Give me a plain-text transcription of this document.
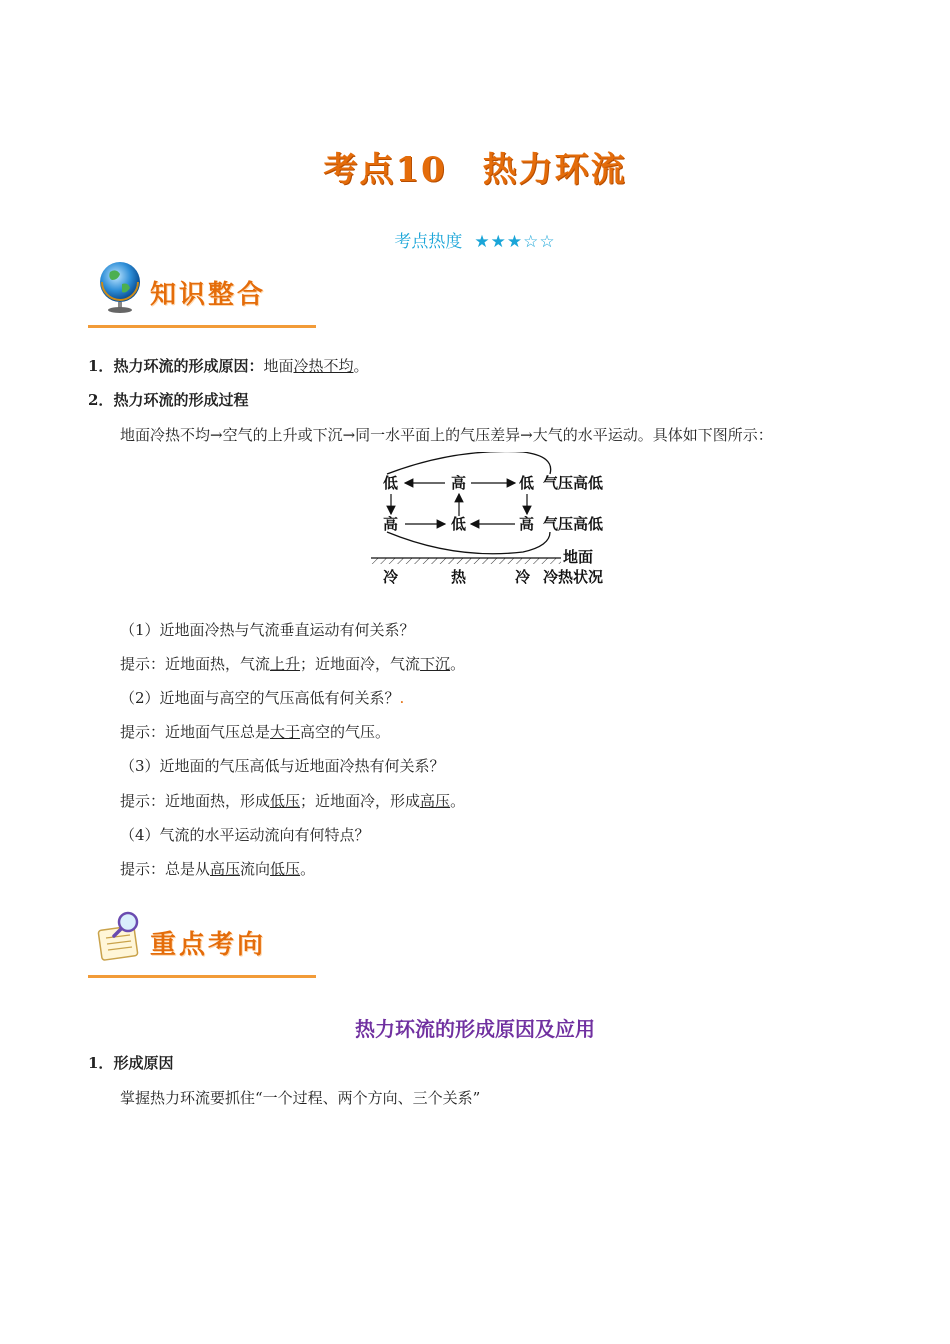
考点10　热力环流
考点热度 ★★★☆☆
知识整合
1．热力环流的形成原因：地面冷热不均。
2．热力环流的形成过程
地面冷热不均→空气的上升或下沉→同一水平面上的气压差异→大气的水平运动。具体如下图所示：
低	高	低 气压高低
高	低	高 气压高低
地面
冷	热	冷 冷热状况
（1）近地面冷热与气流垂直运动有何关系？
提示：近地面热，气流上升；近地面冷，气流下沉。
（2）近地面与高空的气压高低有何关系？.
提示：近地面气压总是大于高空的气压。
（3）近地面的气压高低与近地面冷热有何关系？
提示：近地面热，形成低压；近地面冷，形成高压。
（4）气流的水平运动流向有何特点？
提示：总是从高压流向低压。
重点考向
热力环流的形成原因及应用
1．形成原因
掌握热力环流要抓住“一个过程、两个方向、三个关系”
